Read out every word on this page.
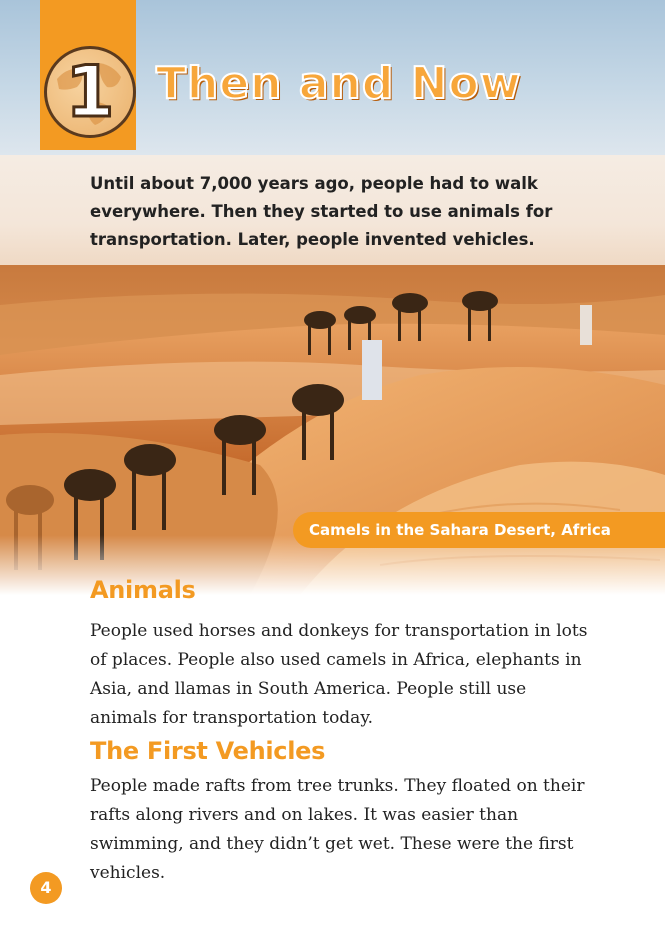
1 Then and Now

Until about 7,000 years ago, people had to walk everywhere. Then they started to use animals for transportation. Later, people invented vehicles.

Camels in the Sahara Desert, Africa
Animals

People used horses and donkeys for transportation in lots of places. People also used camels in Africa, elephants in Asia, and llamas in South America. People still use animals for transportation today.

The First Vehicles

People made rafts from tree trunks. They floated on their rafts along rivers and on lakes. It was easier than swimming, and they didn’t get wet. These were the first vehicles.

4
